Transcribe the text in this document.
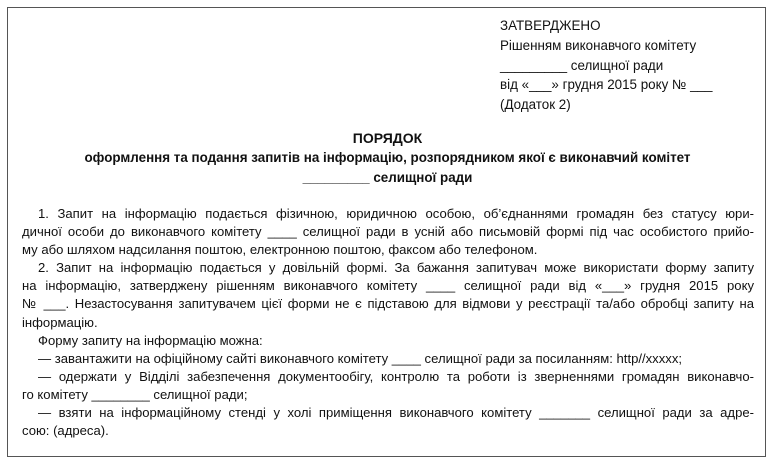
ЗАТВЕРДЖЕНО
Рішенням виконавчого комітету
_________ селищної ради
від «___» грудня 2015 року № ___
(Додаток 2)
ПОРЯДОК
оформлення та подання запитів на інформацію, розпорядником якої є виконавчий комітет
_________ селищної ради
1. Запит на інформацію подається фізичною, юридичною особою, об’єднаннями громадян без статусу юри-
дичної особи до виконавчого комітету ____ селищної ради в усній або письмовій формі під час особистого прийо-
му або шляхом надсилання поштою, електронною поштою, факсом або телефоном.
2. Запит на інформацію подається у довільній формі. За бажання запитувач може використати форму запиту
на інформацію, затверджену рішенням виконавчого комітету ____ селищної ради від «___» грудня 2015 року
№ ___. Незастосування запитувачем цієї форми не є підставою для відмови у реєстрації та/або обробці запиту на
інформацію.
Форму запиту на інформацію можна:
— завантажити на офіційному сайті виконавчого комітету ____ селищної ради за посиланням: http//xxxxx;
— одержати у Відділі забезпечення документообігу, контролю та роботи із зверненнями громадян виконавчо-
го комітету ________ селищної ради;
— взяти на інформаційному стенді у холі приміщення виконавчого комітету _______ селищної ради за адре-
сою: (адреса).
